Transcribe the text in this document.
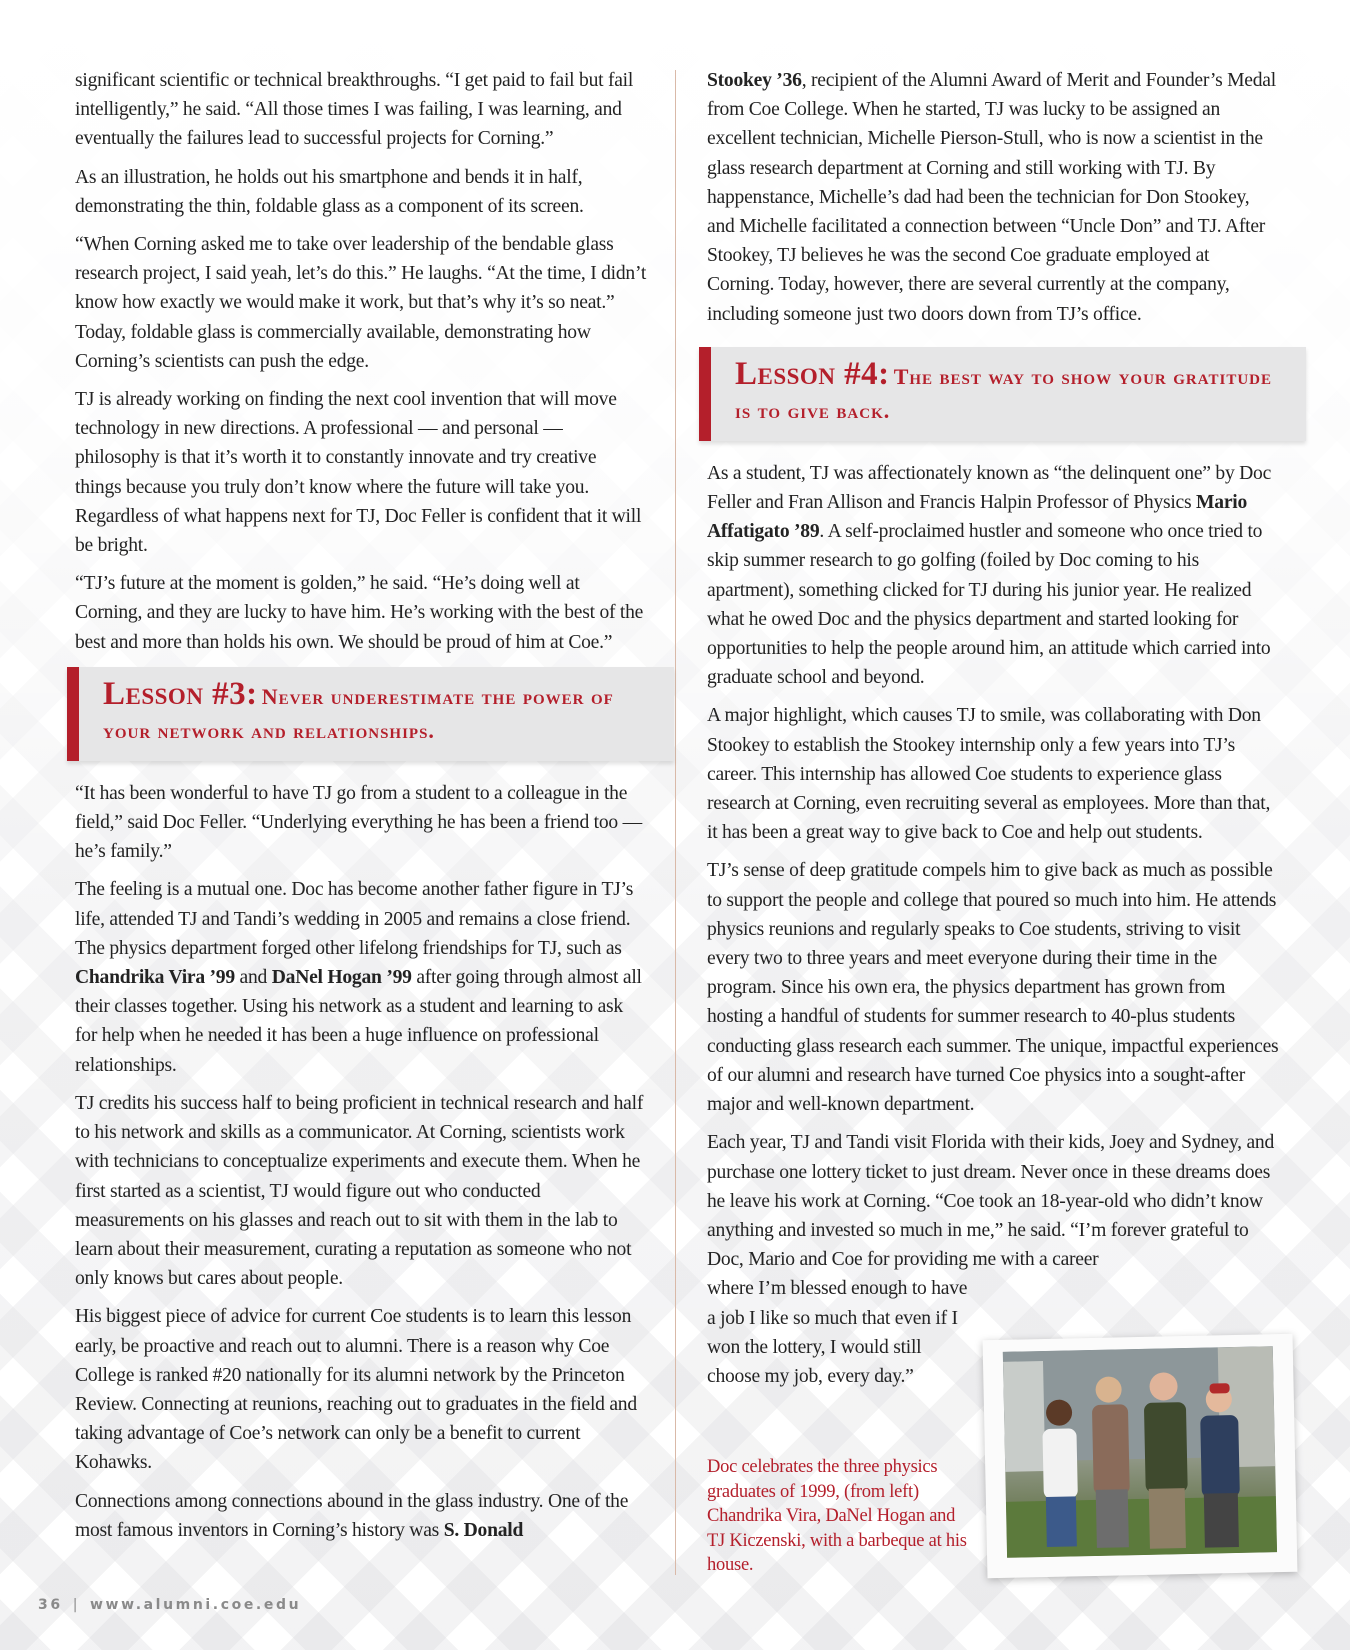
significant scientific or technical breakthroughs. “I get paid to fail but fail intelligently,” he said. “All those times I was failing, I was learning, and eventually the failures lead to successful projects for Corning.”

As an illustration, he holds out his smartphone and bends it in half, demonstrating the thin, foldable glass as a component of its screen.

“When Corning asked me to take over leadership of the bendable glass research project, I said yeah, let’s do this.” He laughs. “At the time, I didn’t know how exactly we would make it work, but that’s why it’s so neat.” Today, foldable glass is commercially available, demonstrating how Corning’s scientists can push the edge.

TJ is already working on finding the next cool invention that will move technology in new directions. A professional — and personal — philosophy is that it’s worth it to constantly innovate and try creative things because you truly don’t know where the future will take you. Regardless of what happens next for TJ, Doc Feller is confident that it will be bright.

“TJ’s future at the moment is golden,” he said. “He’s doing well at Corning, and they are lucky to have him. He’s working with the best of the best and more than holds his own. We should be proud of him at Coe.”

Lesson #3: Never underestimate the power of your network and relationships.

“It has been wonderful to have TJ go from a student to a colleague in the field,” said Doc Feller. “Underlying everything he has been a friend too — he’s family.”

The feeling is a mutual one. Doc has become another father figure in TJ’s life, attended TJ and Tandi’s wedding in 2005 and remains a close friend. The physics department forged other lifelong friendships for TJ, such as Chandrika Vira ’99 and DaNel Hogan ’99 after going through almost all their classes together. Using his network as a student and learning to ask for help when he needed it has been a huge influence on professional relationships.

TJ credits his success half to being proficient in technical research and half to his network and skills as a communicator. At Corning, scientists work with technicians to conceptualize experiments and execute them. When he first started as a scientist, TJ would figure out who conducted measurements on his glasses and reach out to sit with them in the lab to learn about their measurement, curating a reputation as someone who not only knows but cares about people.

His biggest piece of advice for current Coe students is to learn this lesson early, be proactive and reach out to alumni. There is a reason why Coe College is ranked #20 nationally for its alumni network by the Princeton Review. Connecting at reunions, reaching out to graduates in the field and taking advantage of Coe’s network can only be a benefit to current Kohawks.

Connections among connections abound in the glass industry. One of the most famous inventors in Corning’s history was S. Donald

Stookey ’36, recipient of the Alumni Award of Merit and Founder’s Medal from Coe College. When he started, TJ was lucky to be assigned an excellent technician, Michelle Pierson-Stull, who is now a scientist in the glass research department at Corning and still working with TJ. By happenstance, Michelle’s dad had been the technician for Don Stookey, and Michelle facilitated a connection between “Uncle Don” and TJ. After Stookey, TJ believes he was the second Coe graduate employed at Corning. Today, however, there are several currently at the company, including someone just two doors down from TJ’s office.

Lesson #4: The best way to show your gratitude is to give back.

As a student, TJ was affectionately known as “the delinquent one” by Doc Feller and Fran Allison and Francis Halpin Professor of Physics Mario Affatigato ’89. A self-proclaimed hustler and someone who once tried to skip summer research to go golfing (foiled by Doc coming to his apartment), something clicked for TJ during his junior year. He realized what he owed Doc and the physics department and started looking for opportunities to help the people around him, an attitude which carried into graduate school and beyond.

A major highlight, which causes TJ to smile, was collaborating with Don Stookey to establish the Stookey internship only a few years into TJ’s career. This internship has allowed Coe students to experience glass research at Corning, even recruiting several as employees. More than that, it has been a great way to give back to Coe and help out students.

TJ’s sense of deep gratitude compels him to give back as much as possible to support the people and college that poured so much into him. He attends physics reunions and regularly speaks to Coe students, striving to visit every two to three years and meet everyone during their time in the program. Since his own era, the physics department has grown from hosting a handful of students for summer research to 40-plus students conducting glass research each summer. The unique, impactful experiences of our alumni and research have turned Coe physics into a sought-after major and well-known department.

Each year, TJ and Tandi visit Florida with their kids, Joey and Sydney, and purchase one lottery ticket to just dream. Never once in these dreams does he leave his work at Corning. “Coe took an 18-year-old who didn’t know anything and invested so much in me,” he said. “I’m forever grateful to Doc, Mario and Coe for providing me with a career

where I’m blessed enough to have a job I like so much that even if I won the lottery, I would still choose my job, every day.”

Doc celebrates the three physics graduates of 1999, (from left) Chandrika Vira, DaNel Hogan and TJ Kiczenski, with a barbeque at his house.

36 | www.alumni.coe.edu
